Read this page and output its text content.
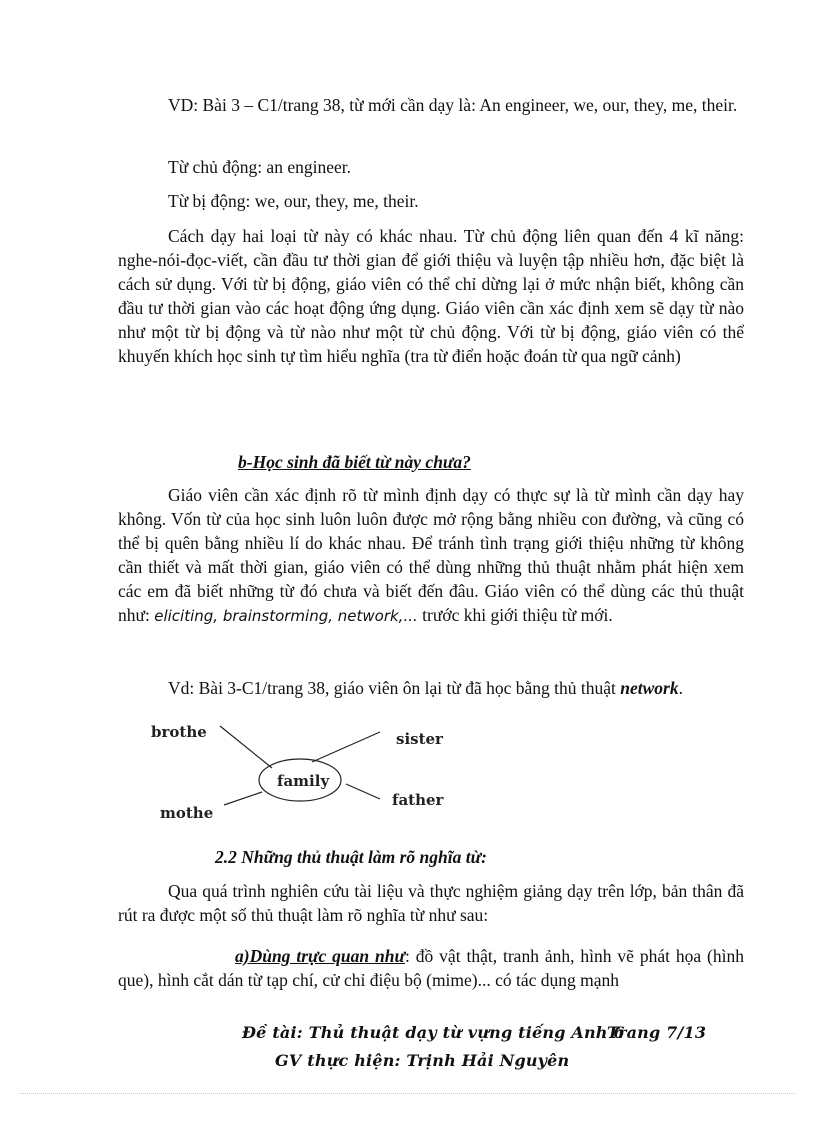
VD: Bài 3 – C1/trang 38, từ mới cần dạy là: An engineer, we, our, they, me, their.

Từ chủ động: an engineer.
Từ bị động: we, our, they, me, their.

Cách dạy hai loại từ này có khác nhau. Từ chủ động liên quan đến 4 kĩ năng: nghe-nói-đọc-viết, cần đầu tư thời gian để giới thiệu và luyện tập nhiều hơn, đặc biệt là cách sử dụng. Với từ bị động, giáo viên có thể chỉ dừng lại ở mức nhận biết, không cần đầu tư thời gian vào các hoạt động ứng dụng. Giáo viên cần xác định xem sẽ dạy từ nào như một từ bị động và từ nào như một từ chủ động. Với từ bị động, giáo viên có thể khuyến khích học sinh tự tìm hiểu nghĩa (tra từ điển hoặc đoán từ qua ngữ cảnh)

b-Học sinh đã biết từ này chưa?

Giáo viên cần xác định rõ từ mình định dạy có thực sự là từ mình cần dạy hay không. Vốn từ của học sinh luôn luôn được mở rộng bằng nhiều con đường, và cũng có thể bị quên bằng nhiều lí do khác nhau. Để tránh tình trạng giới thiệu những từ không cần thiết và mất thời gian, giáo viên có thể dùng những thủ thuật nhằm phát hiện xem các em đã biết những từ đó chưa và biết đến đâu. Giáo viên có thể dùng các thủ thuật như: eliciting, brainstorming, network,... trước khi giới thiệu từ mới.

Vd: Bài 3-C1/trang 38, giáo viên ôn lại từ đã học bằng thủ thuật network.
family
brothe	sister
mothe
father
2.2 Những thủ thuật làm rõ nghĩa từ:

Qua quá trình nghiên cứu tài liệu và thực nghiệm giảng dạy trên lớp, bản thân đã rút ra được một số thủ thuật làm rõ nghĩa từ như sau:

a)Dùng trực quan như: đồ vật thật, tranh ảnh, hình vẽ phát họa (hình que), hình cắt dán từ tạp chí, cử chỉ điệu bộ (mime)... có tác dụng mạnh

Đề tài: Thủ thuật dạy từ vựng tiếng Anh 6
Trang 7/13
GV thực hiện: Trịnh Hải Nguyên
